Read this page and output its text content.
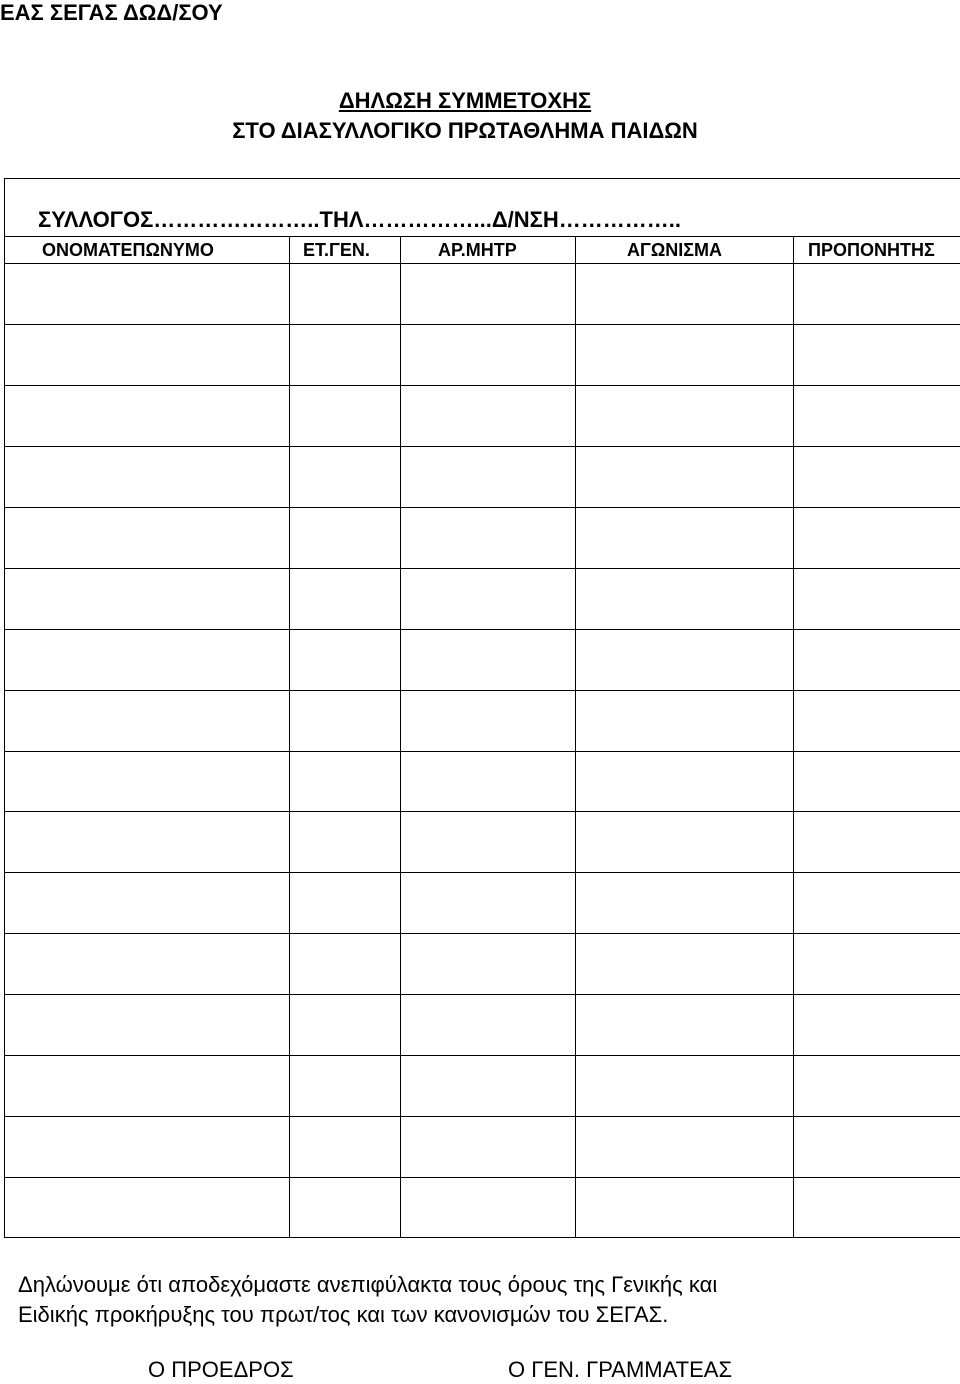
ΕΑΣ ΣΕΓΑΣ ΔΩΔ/ΣΟΥ
ΔΗΛΩΣΗ ΣΥΜΜΕΤΟΧΗΣ
ΣΤΟ ΔΙΑΣΥΛΛΟΓΙΚΟ ΠΡΩΤΑΘΛΗΜΑ ΠΑΙΔΩΝ
ΣΥΛΛΟΓΟΣ…………………..ΤΗΛ……………...Δ/ΝΣΗ……………..
ΟΝΟΜΑΤΕΠΩΝΥΜΟ	ΕΤ.ΓΕΝ.	ΑΡ.ΜΗΤΡ	ΑΓΩΝΙΣΜΑ	ΠΡΟΠΟΝΗΤΗΣ
Δηλώνουμε ότι αποδεχόμαστε ανεπιφύλακτα τους όρους της Γενικής και
Ειδικής προκήρυξης του πρωτ/τος και των κανονισμών του ΣΕΓΑΣ.
Ο ΠΡΟΕΔΡΟΣ	Ο ΓΕΝ. ΓΡΑΜΜΑΤΕΑΣ
